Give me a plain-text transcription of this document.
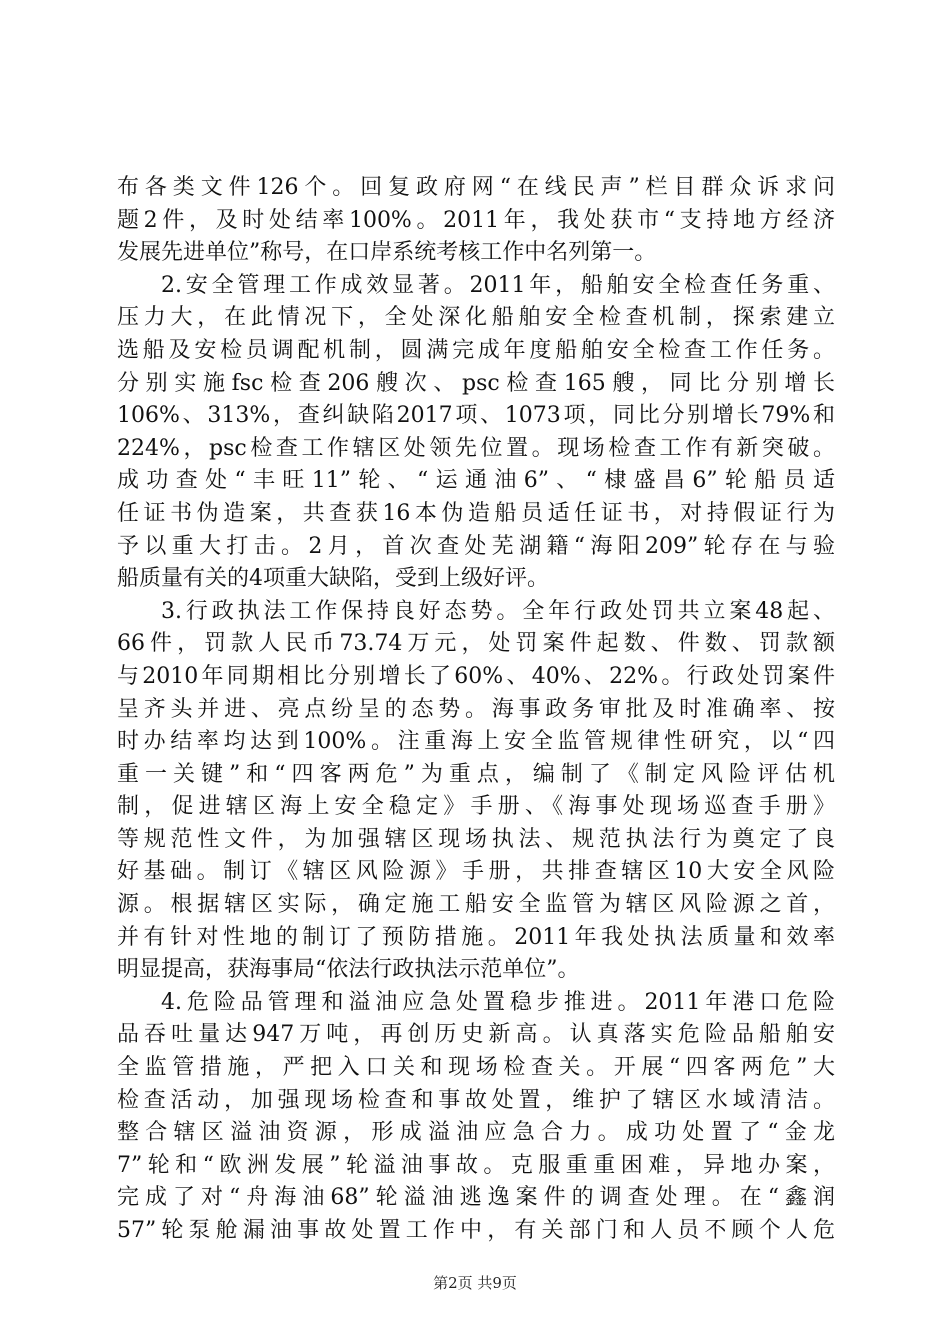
布各类文件126个。回复政府网“在线民声”栏目群众诉求问
题2件，及时处结率100%。2011年，我处获市“支持地方经济
发展先进单位”称号，在口岸系统考核工作中名列第一。
2.安全管理工作成效显著。2011年，船舶安全检查任务重、
压力大，在此情况下，全处深化船舶安全检查机制，探索建立
选船及安检员调配机制，圆满完成年度船舶安全检查工作任务。
分别实施fsc检查206艘次、psc检查165艘，同比分别增长
106%、313%，查纠缺陷2017项、1073项，同比分别增长79%和
224%，psc检查工作辖区处领先位置。现场检查工作有新突破。
成功查处“丰旺11”轮、“运通油6”、“棣盛昌6”轮船员适
任证书伪造案，共查获16本伪造船员适任证书，对持假证行为
予以重大打击。2月，首次查处芜湖籍“海阳209”轮存在与验
船质量有关的4项重大缺陷，受到上级好评。
3.行政执法工作保持良好态势。全年行政处罚共立案48起、
66件，罚款人民币73.74万元，处罚案件起数、件数、罚款额
与2010年同期相比分别增长了60%、40%、22%。行政处罚案件
呈齐头并进、亮点纷呈的态势。海事政务审批及时准确率、按
时办结率均达到100%。注重海上安全监管规律性研究，以“四
重一关键”和“四客两危”为重点，编制了《制定风险评估机
制，促进辖区海上安全稳定》手册、《海事处现场巡查手册》
等规范性文件，为加强辖区现场执法、规范执法行为奠定了良
好基础。制订《辖区风险源》手册，共排查辖区10大安全风险
源。根据辖区实际，确定施工船安全监管为辖区风险源之首，
并有针对性地的制订了预防措施。2011年我处执法质量和效率
明显提高，获海事局“依法行政执法示范单位”。
4.危险品管理和溢油应急处置稳步推进。2011年港口危险
品吞吐量达947万吨，再创历史新高。认真落实危险品船舶安
全监管措施，严把入口关和现场检查关。开展“四客两危”大
检查活动，加强现场检查和事故处置，维护了辖区水域清洁。
整合辖区溢油资源，形成溢油应急合力。成功处置了“金龙
7”轮和“欧洲发展”轮溢油事故。克服重重困难，异地办案，
完成了对“舟海油68”轮溢油逃逸案件的调查处理。在“鑫润
57”轮泵舱漏油事故处置工作中，有关部门和人员不顾个人危
第2页 共9页
